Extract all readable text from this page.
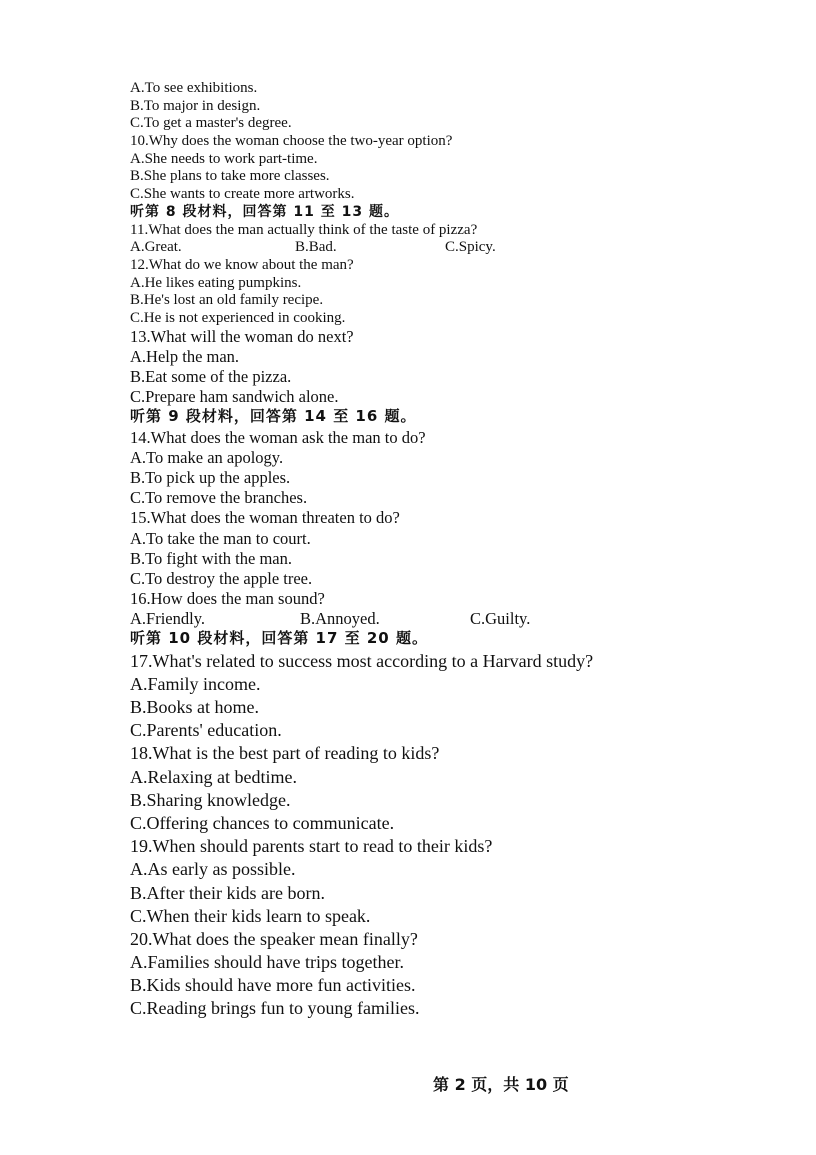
A.To see exhibitions.
B.To major in design.
C.To get a master's degree.
10.Why does the woman choose the two-year option?
A.She needs to work part-time.
B.She plans to take more classes.
C.She wants to create more artworks.
听第 8 段材料，回答第 11 至 13 题。
11.What does the man actually think of the taste of pizza?
A.Great.	B.Bad.	C.Spicy.
12.What do we know about the man?
A.He likes eating pumpkins.
B.He's lost an old family recipe.
C.He is not experienced in cooking.
13.What will the woman do next?
A.Help the man.
B.Eat some of the pizza.
C.Prepare ham sandwich alone.
听第 9 段材料，回答第 14 至 16 题。
14.What does the woman ask the man to do?
A.To make an apology.
B.To pick up the apples.
C.To remove the branches.
15.What does the woman threaten to do?
A.To take the man to court.
B.To fight with the man.
C.To destroy the apple tree.
16.How does the man sound?
A.Friendly.	B.Annoyed.	C.Guilty.
听第 10 段材料，回答第 17 至 20 题。
17.What's related to success most according to a Harvard study?
A.Family income.
B.Books at home.
C.Parents' education.
18.What is the best part of reading to kids?
A.Relaxing at bedtime.
B.Sharing knowledge.
C.Offering chances to communicate.
19.When should parents start to read to their kids?
A.As early as possible.
B.After their kids are born.
C.When their kids learn to speak.
20.What does the speaker mean finally?
A.Families should have trips together.
B.Kids should have more fun activities.
C.Reading brings fun to young families.
第 2 页，共 10 页
